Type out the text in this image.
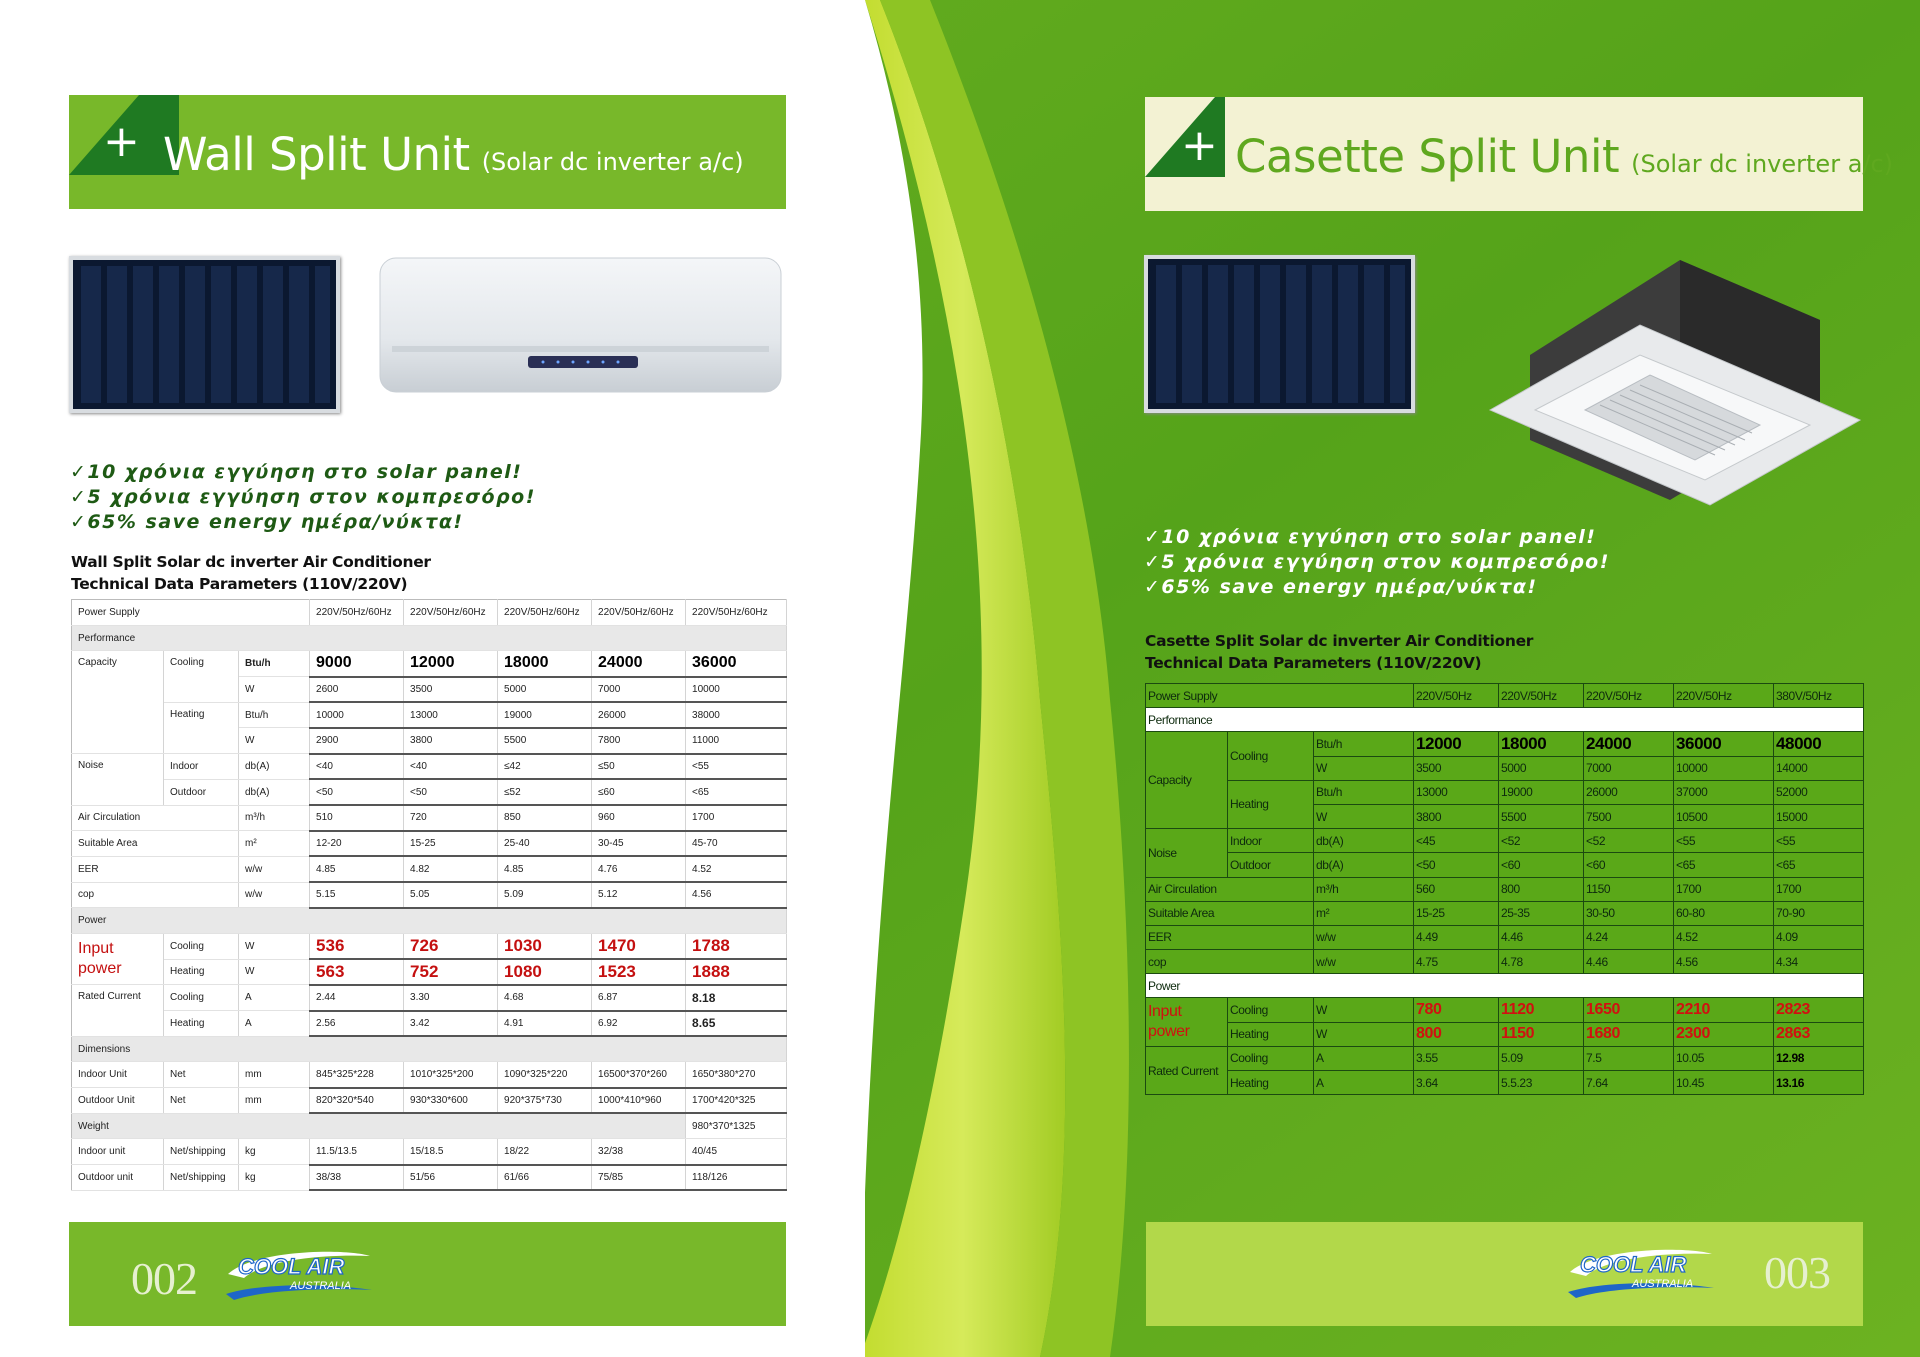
+ Wall Split Unit (Solar dc inverter a/c)
✓10 χρόνια εγγύηση στο solar panel!
✓5 χρόνια εγγύηση στον κομπρεσόρο!
✓65% save energy ημέρα/νύκτα!
Wall Split Solar dc inverter Air Conditioner
Technical Data Parameters (110V/220V)
Power Supply			220V/50Hz/60Hz	220V/50Hz/60Hz	220V/50Hz/60Hz	220V/50Hz/60Hz	220V/50Hz/60Hz
Performance							
Capacity	Cooling	Btu/h	9000	12000	18000	24000	36000
		W	2600	3500	5000	7000	10000
	Heating	Btu/h	10000	13000	19000	26000	38000
		W	2900	3800	5500	7800	11000
Noise	Indoor	db(A)	<40	<40	≤42	≤50	<55
	Outdoor	db(A)	<50	<50	≤52	≤60	<65
Air Circulation		m³/h	510	720	850	960	1700
Suitable Area		m²	12-20	15-25	25-40	30-45	45-70
EER		w/w	4.85	4.82	4.85	4.76	4.52
cop		w/w	5.15	5.05	5.09	5.12	4.56
Power							
Input
power	Cooling	W	536	726	1030	1470	1788
	Heating	W	563	752	1080	1523	1888
Rated Current	Cooling	A	2.44	3.30	4.68	6.87	8.18
	Heating	A	2.56	3.42	4.91	6.92	8.65
Dimensions							
Indoor Unit	Net	mm	845*325*228	1010*325*200	1090*325*220	16500*370*260	1650*380*270
Outdoor Unit	Net	mm	820*320*540	930*330*600	920*375*730	1000*410*960	1700*420*325
Weight							980*370*1325
Indoor unit	Net/shipping	kg	11.5/13.5	15/18.5	18/22	32/38	40/45
Outdoor unit	Net/shipping	kg	38/38	51/56	61/66	75/85	118/126
002 COOL AIR
AUSTRALIA
+ Casette Split Unit (Solar dc inverter a/c)
✓10 χρόνια εγγύηση στο solar panel!
✓5 χρόνια εγγύηση στον κομπρεσόρο!
✓65% save energy ημέρα/νύκτα!
Casette Split Solar dc inverter Air Conditioner
Technical Data Parameters (110V/220V)
Power Supply			220V/50Hz	220V/50Hz	220V/50Hz	220V/50Hz	380V/50Hz
Performance							
Capacity	Cooling	Btu/h	12000	18000	24000	36000	48000
		W	3500	5000	7000	10000	14000
	Heating	Btu/h	13000	19000	26000	37000	52000
		W	3800	5500	7500	10500	15000
Noise	Indoor	db(A)	<45	<52	<52	<55	<55
	Outdoor	db(A)	<50	<60	<60	<65	<65
Air Circulation		m³/h	560	800	1150	1700	1700
Suitable Area		m²	15-25	25-35	30-50	60-80	70-90
EER		w/w	4.49	4.46	4.24	4.52	4.09
cop		w/w	4.75	4.78	4.46	4.56	4.34
Power							
Input
power	Cooling	W	780	1120	1650	2210	2823
	Heating	W	800	1150	1680	2300	2863
Rated Current	Cooling	A	3.55	5.09	7.5	10.05	12.98
	Heating	A	3.64	5.5.23	7.64	10.45	13.16
COOL AIR
AUSTRALIA 003
